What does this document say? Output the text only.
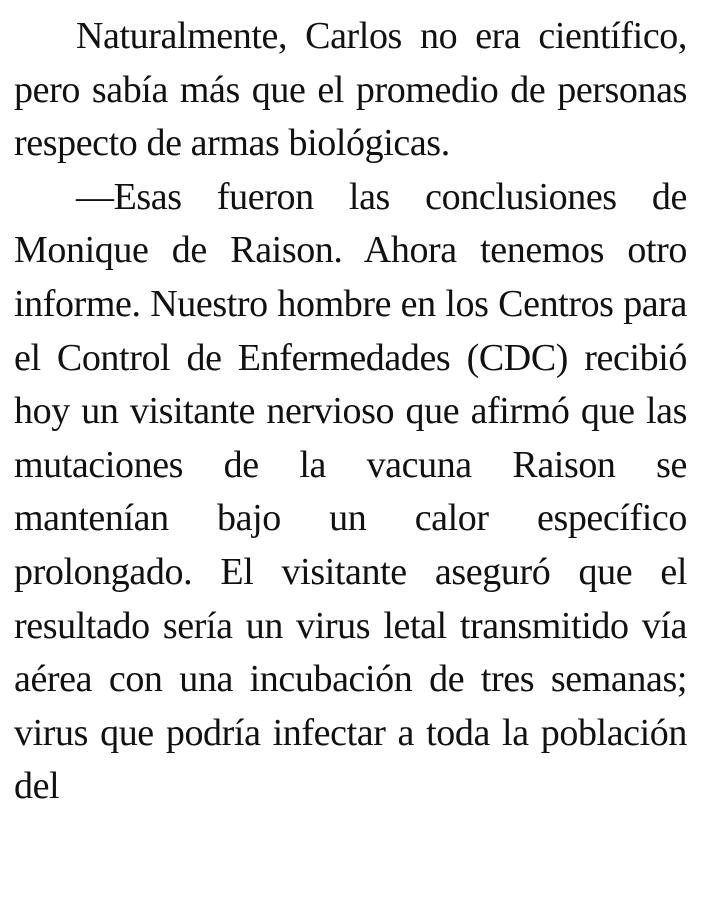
Naturalmente, Carlos no era científico, pero sabía más que el promedio de personas respecto de armas biológicas.

—Esas fueron las conclusiones de Monique de Raison. Ahora tenemos otro informe. Nuestro hombre en los Centros para el Control de Enfermedades (CDC) recibió hoy un visitante nervioso que afirmó que las mutaciones de la vacuna Raison se mantenían bajo un calor específico prolongado. El visitante aseguró que el resultado sería un virus letal transmitido vía aérea con una incubación de tres semanas; virus que podría infectar a toda la población del
